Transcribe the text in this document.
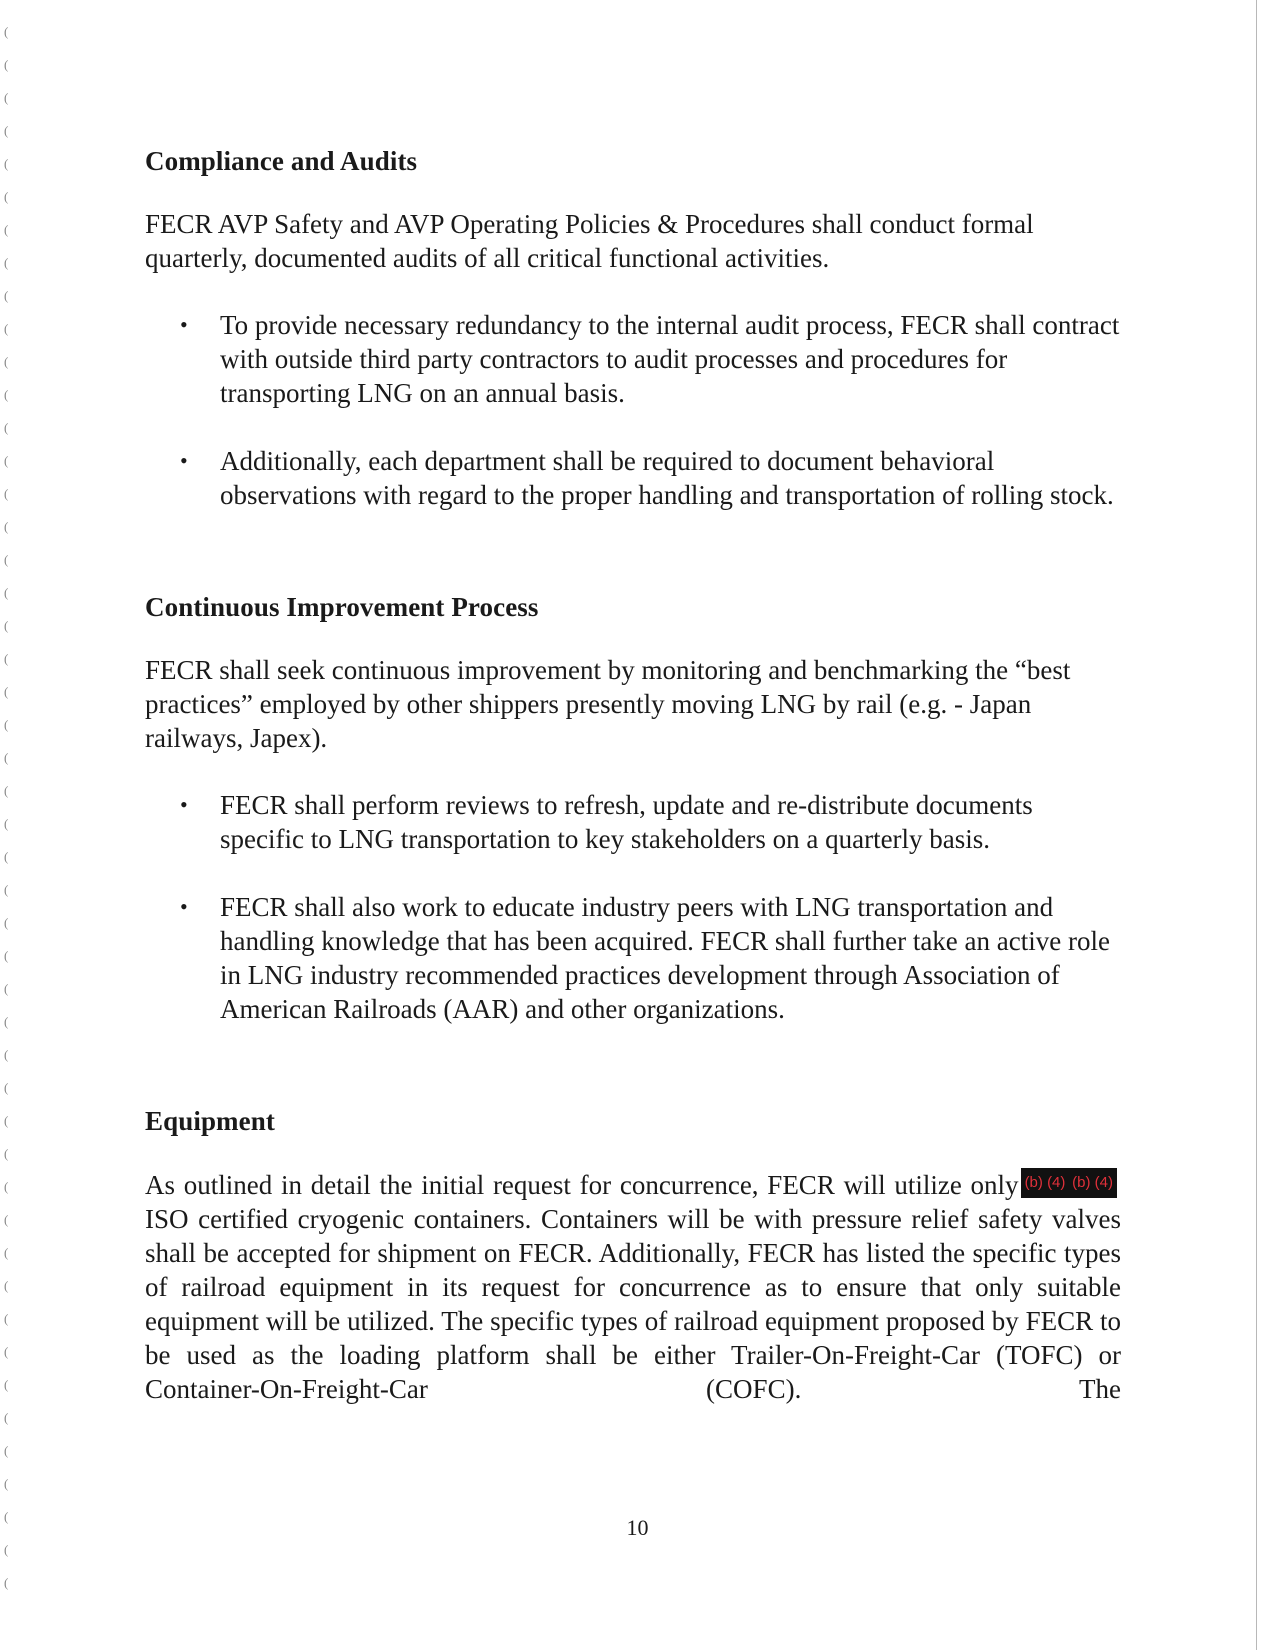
(
(
(
(
(
(
(
(
(
(
(
(
(
(
(
(
(
(
(
(
(
(
(
(
(
(
(
(
(
(
(
(
(
(
(
(
(
(
(
(
(
(
(
(
(
(
(
(
Compliance and Audits

FECR AVP Safety and AVP Operating Policies & Procedures shall conduct formal quarterly, documented audits of all critical functional activities.

• To provide necessary redundancy to the internal audit process, FECR shall contract with outside third party contractors to audit processes and procedures for transporting LNG on an annual basis.
• Additionally, each department shall be required to document behavioral observations with regard to the proper handling and transportation of rolling stock.
Continuous Improvement Process

FECR shall seek continuous improvement by monitoring and benchmarking the “best practices” employed by other shippers presently moving LNG by rail (e.g. - Japan railways, Japex).

• FECR shall perform reviews to refresh, update and re-distribute documents specific to LNG transportation to key stakeholders on a quarterly basis.
• FECR shall also work to educate industry peers with LNG transportation and handling knowledge that has been acquired. FECR shall further take an active role in LNG industry recommended practices development through Association of American Railroads (AAR) and other organizations.
Equipment

As outlined in detail the initial request for concurrence, FECR will utilize only (b) (4) (b) (4)ISO certified cryogenic containers. Containers will be with pressure relief safety valves shall be accepted for shipment on FECR. Additionally, FECR has listed the specific types of railroad equipment in its request for concurrence as to ensure that only suitable equipment will be utilized. The specific types of railroad equipment proposed by FECR to be used as the loading platform shall be either Trailer-On-Freight-Car (TOFC) or Container-On-Freight-Car (COFC). The

10
